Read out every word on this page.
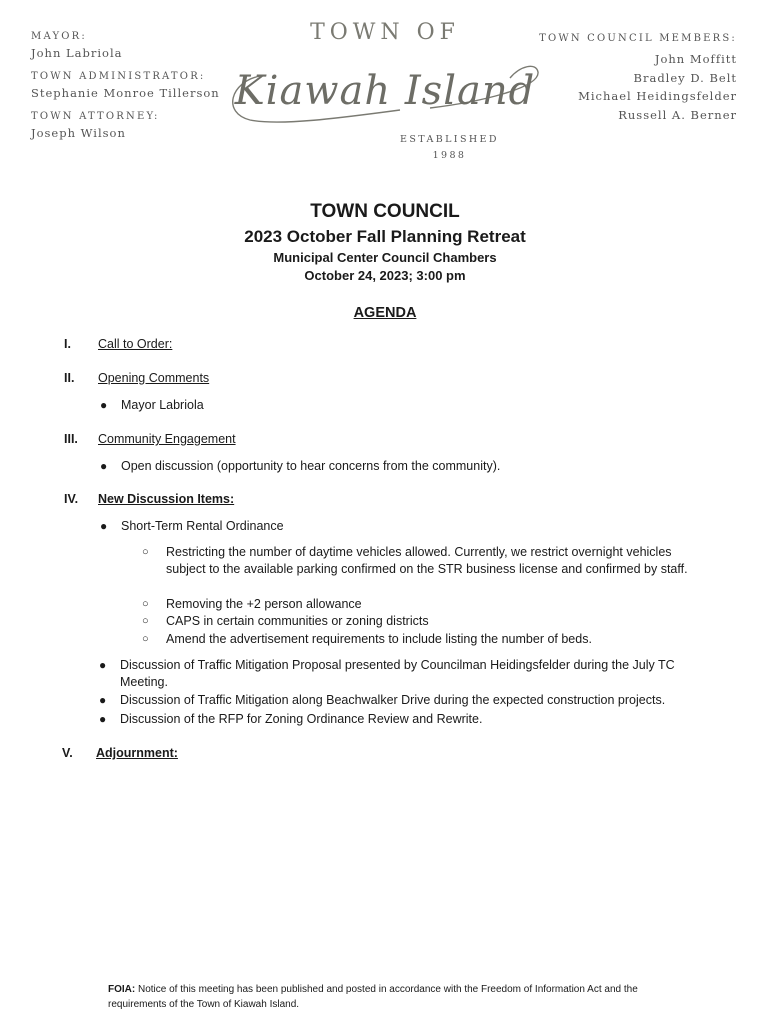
MAYOR:

John Labriola

TOWN ADMINISTRATOR:

Stephanie Monroe Tillerson

TOWN ATTORNEY:

Joseph Wilson

TOWN OF
Kiawah Island
ESTABLISHED
1988

TOWN COUNCIL MEMBERS:

John Moffitt

Bradley D. Belt

Michael Heidingsfelder

Russell A. Berner

TOWN COUNCIL

2023 October Fall Planning Retreat

Municipal Center Council Chambers

October 24, 2023; 3:00 pm

AGENDA
I. Call to Order:
II. Opening Comments
● Mayor Labriola
III. Community Engagement
● Open discussion (opportunity to hear concerns from the community).
IV. New Discussion Items:
● Short-Term Rental Ordinance
○ Restricting the number of daytime vehicles allowed. Currently, we restrict overnight vehicles subject to the available parking confirmed on the STR business license and confirmed by staff.
○ Removing the +2 person allowance
○ CAPS in certain communities or zoning districts
○ Amend the advertisement requirements to include listing the number of beds.
● Discussion of Traffic Mitigation Proposal presented by Councilman Heidingsfelder during the July TC Meeting.
● Discussion of Traffic Mitigation along Beachwalker Drive during the expected construction projects.
● Discussion of the RFP for Zoning Ordinance Review and Rewrite.
V. Adjournment:
FOIA: Notice of this meeting has been published and posted in accordance with the Freedom of Information Act and the requirements of the Town of Kiawah Island.
